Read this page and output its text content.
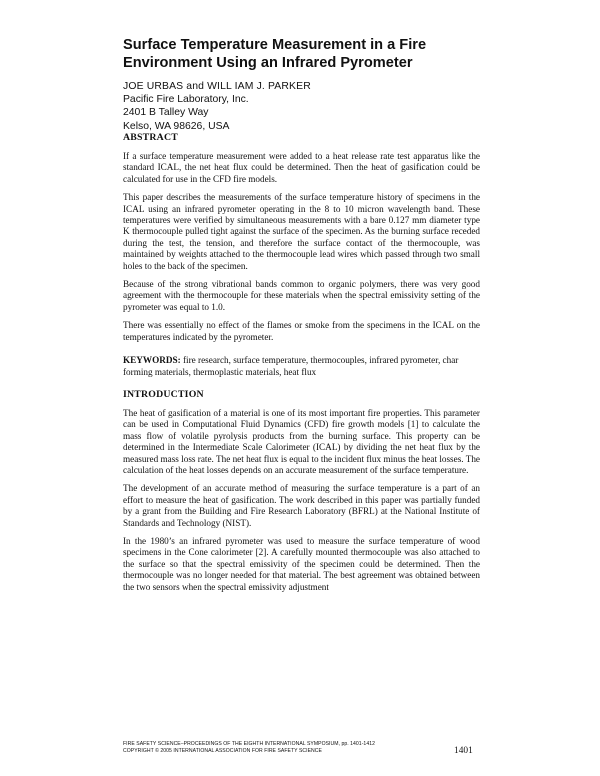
Surface Temperature Measurement in a Fire
Environment Using an Infrared Pyrometer
JOE URBAS and WILL IAM J. PARKER
Pacific Fire Laboratory, Inc.
2401 B Talley Way
Kelso, WA 98626, USA
ABSTRACT

If a surface temperature measurement were added to a heat release rate test apparatus like the standard ICAL, the net heat flux could be determined. Then the heat of gasification could be calculated for use in the CFD fire models.

This paper describes the measurements of the surface temperature history of specimens in the ICAL using an infrared pyrometer operating in the 8 to 10 micron wavelength band. These temperatures were verified by simultaneous measurements with a bare 0.127 mm diameter type K thermocouple pulled tight against the surface of the specimen. As the burning surface receded during the test, the tension, and therefore the surface contact of the thermocouple, was maintained by weights attached to the thermocouple lead wires which passed through two small holes to the back of the specimen.

Because of the strong vibrational bands common to organic polymers, there was very good agreement with the thermocouple for these materials when the spectral emissivity setting of the pyrometer was equal to 1.0.

There was essentially no effect of the flames or smoke from the specimens in the ICAL on the temperatures indicated by the pyrometer.

KEYWORDS: fire research, surface temperature, thermocouples, infrared pyrometer, char forming materials, thermoplastic materials, heat flux

INTRODUCTION

The heat of gasification of a material is one of its most important fire properties. This parameter can be used in Computational Fluid Dynamics (CFD) fire growth models [1] to calculate the mass flow of volatile pyrolysis products from the burning surface. This property can be determined in the Intermediate Scale Calorimeter (ICAL) by dividing the net heat flux by the measured mass loss rate. The net heat flux is equal to the incident flux minus the heat losses. The calculation of the heat losses depends on an accurate measurement of the surface temperature.

The development of an accurate method of measuring the surface temperature is a part of an effort to measure the heat of gasification. The work described in this paper was partially funded by a grant from the Building and Fire Research Laboratory (BFRL) at the National Institute of Standards and Technology (NIST).

In the 1980’s an infrared pyrometer was used to measure the surface temperature of wood specimens in the Cone calorimeter [2]. A carefully mounted thermocouple was also attached to the surface so that the spectral emissivity of the specimen could be determined. Then the thermocouple was no longer needed for that material. The best agreement was obtained between the two sensors when the spectral emissivity adjustment

FIRE SAFETY SCIENCE–PROCEEDINGS OF THE EIGHTH INTERNATIONAL SYMPOSIUM, pp. 1401-1412
COPYRIGHT © 2005 INTERNATIONAL ASSOCIATION FOR FIRE SAFETY SCIENCE	1401
